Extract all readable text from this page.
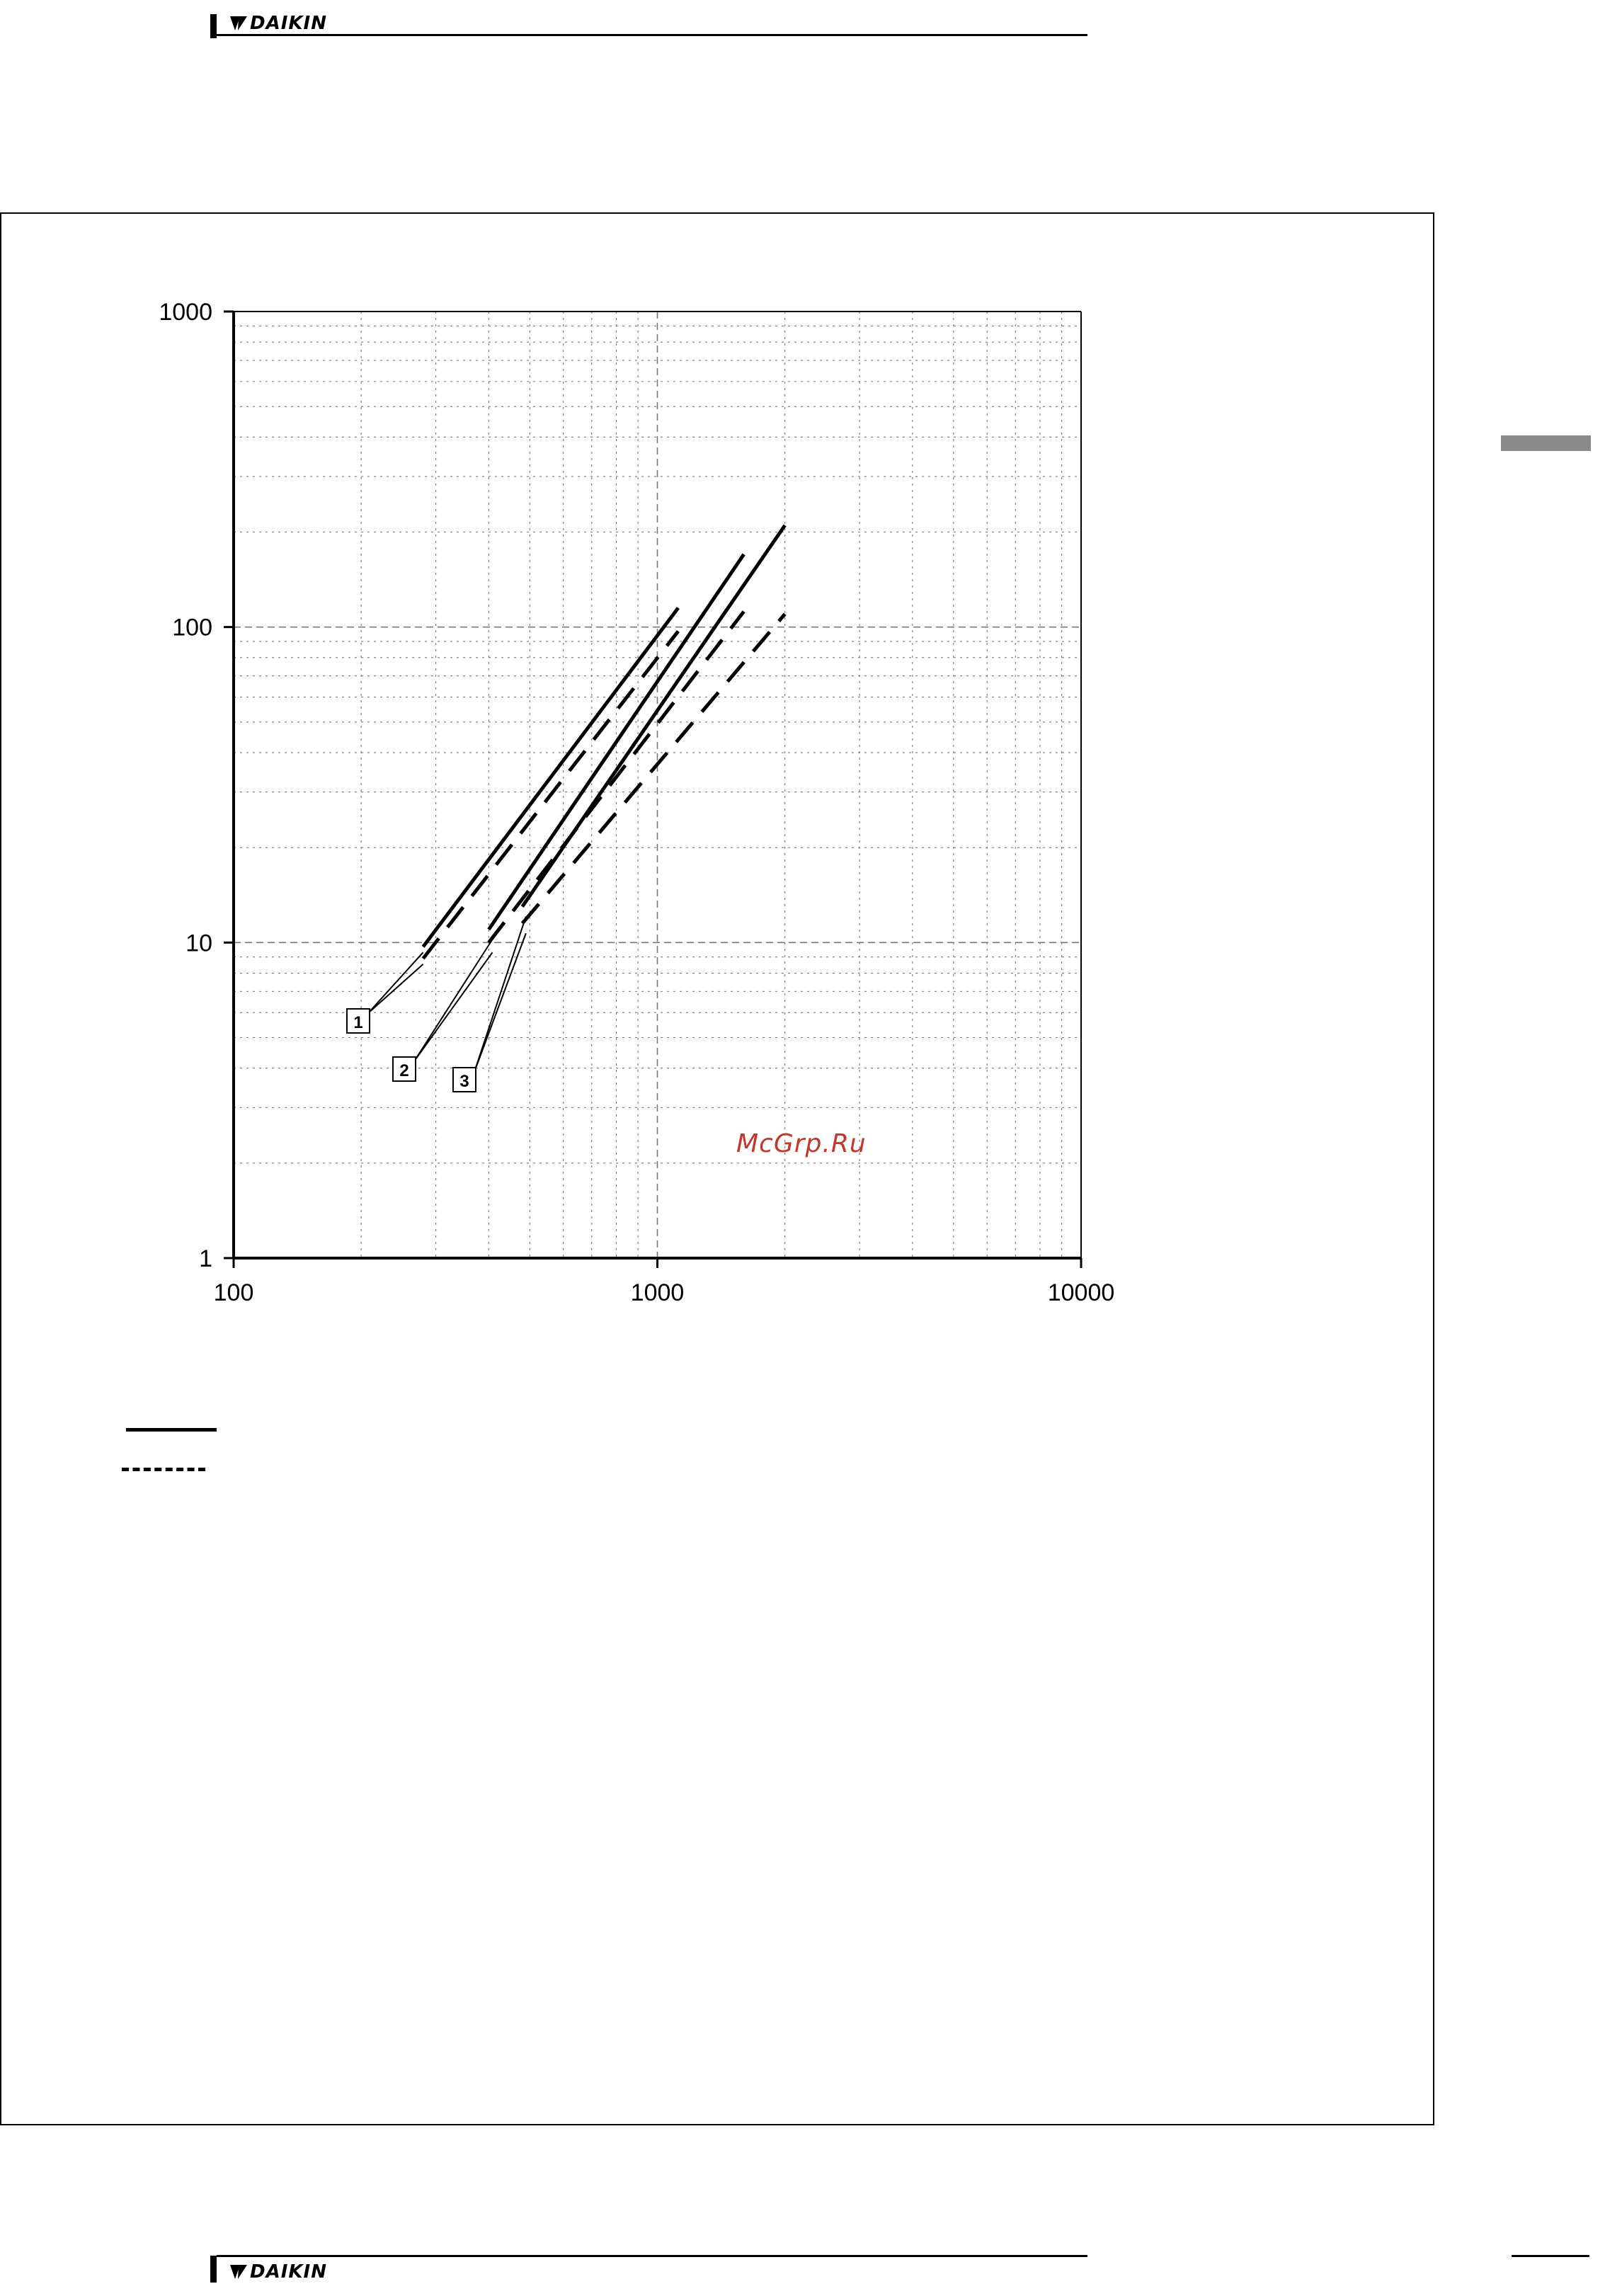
DAIKIN
100	1000	10000
1
10
100
1000
1
2
3
McGrp.Ru
DAIKIN
